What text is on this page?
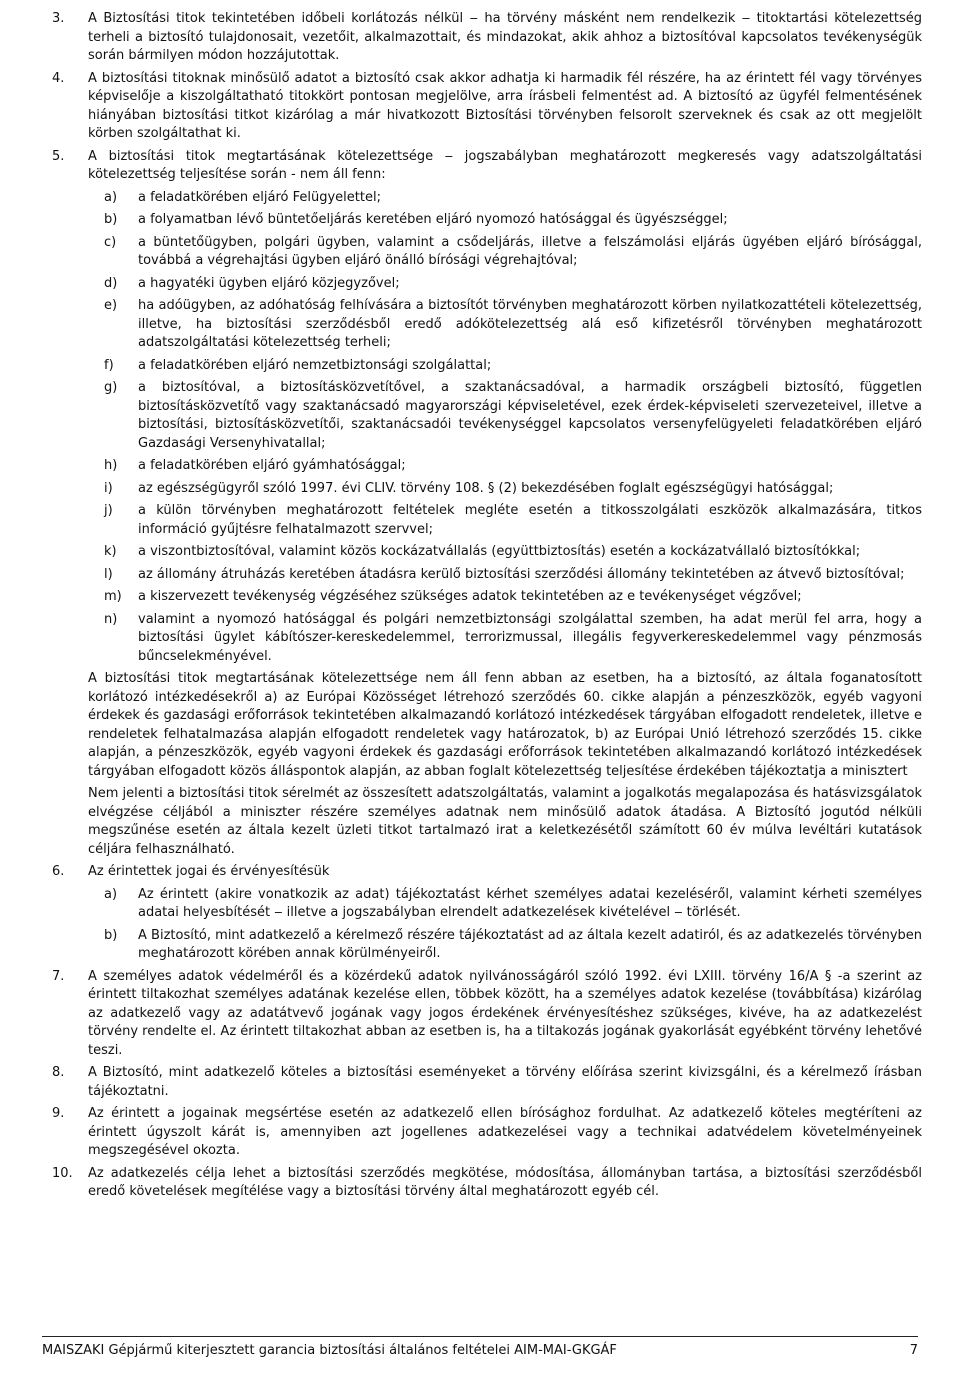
3. A Biztosítási titok tekintetében időbeli korlátozás nélkül ‒ ha törvény másként nem rendelkezik ‒ titoktartási kötelezettség terheli a biztosító tulajdonosait, vezetőit, alkalmazottait, és mindazokat, akik ahhoz a biztosítóval kapcsolatos tevékenységük során bármilyen módon hozzájutottak.
4. A biztosítási titoknak minősülő adatot a biztosító csak akkor adhatja ki harmadik fél részére, ha az érintett fél vagy törvényes képviselője a kiszolgáltatható titokkört pontosan megjelölve, arra írásbeli felmentést ad. A biztosító az ügyfél felmentésének hiányában biztosítási titkot kizárólag a már hivatkozott Biztosítási törvényben felsorolt szerveknek és csak az ott megjelölt körben szolgáltathat ki.
5. A biztosítási titok megtartásának kötelezettsége ‒ jogszabályban meghatározott megkeresés vagy adatszolgáltatási kötelezettség teljesítése során - nem áll fenn:
a) a feladatkörében eljáró Felügyelettel;
b) a folyamatban lévő büntetőeljárás keretében eljáró nyomozó hatósággal és ügyészséggel;
c) a büntetőügyben, polgári ügyben, valamint a csődeljárás, illetve a felszámolási eljárás ügyében eljáró bírósággal, továbbá a végrehajtási ügyben eljáró önálló bírósági végrehajtóval;
d) a hagyatéki ügyben eljáró közjegyzővel;
e) ha adóügyben, az adóhatóság felhívására a biztosítót törvényben meghatározott körben nyilatkozattételi kötelezettség, illetve, ha biztosítási szerződésből eredő adókötelezettség alá eső kifizetésről törvényben meghatározott adatszolgáltatási kötelezettség terheli;
f) a feladatkörében eljáró nemzetbiztonsági szolgálattal;
g) a biztosítóval, a biztosításközvetítővel, a szaktanácsadóval, a harmadik országbeli biztosító, független biztosításközvetítő vagy szaktanácsadó magyarországi képviseletével, ezek érdek-képviseleti szervezeteivel, illetve a biztosítási, biztosításközvetítői, szaktanácsadói tevékenységgel kapcsolatos versenyfelügyeleti feladatkörében eljáró Gazdasági Versenyhivatallal;
h) a feladatkörében eljáró gyámhatósággal;
i) az egészségügyről szóló 1997. évi CLIV. törvény 108. § (2) bekezdésében foglalt egészségügyi hatósággal;
j) a külön törvényben meghatározott feltételek megléte esetén a titkosszolgálati eszközök alkalmazására, titkos információ gyűjtésre felhatalmazott szervvel;
k) a viszontbiztosítóval, valamint közös kockázatvállalás (együttbiztosítás) esetén a kockázatvállaló biztosítókkal;
l) az állomány átruházás keretében átadásra kerülő biztosítási szerződési állomány tekintetében az átvevő biztosítóval;
m) a kiszervezett tevékenység végzéséhez szükséges adatok tekintetében az e tevékenységet végzővel;
n) valamint a nyomozó hatósággal és polgári nemzetbiztonsági szolgálattal szemben, ha adat merül fel arra, hogy a biztosítási ügylet kábítószer-kereskedelemmel, terrorizmussal, illegális fegyverkereskedelemmel vagy pénzmosás bűncselekményével.

A biztosítási titok megtartásának kötelezettsége nem áll fenn abban az esetben, ha a biztosító, az általa foganatosított korlátozó intézkedésekről a) az Európai Közösséget létrehozó szerződés 60. cikke alapján a pénzeszközök, egyéb vagyoni érdekek és gazdasági erőforrások tekintetében alkalmazandó korlátozó intézkedések tárgyában elfogadott rendeletek, illetve e rendeletek felhatalmazása alapján elfogadott rendeletek vagy határozatok, b) az Európai Unió létrehozó szerződés 15. cikke alapján, a pénzeszközök, egyéb vagyoni érdekek és gazdasági erőforrások tekintetében alkalmazandó korlátozó intézkedések tárgyában elfogadott közös álláspontok alapján, az abban foglalt kötelezettség teljesítése érdekében tájékoztatja a minisztert

Nem jelenti a biztosítási titok sérelmét az összesített adatszolgáltatás, valamint a jogalkotás megalapozása és hatásvizsgálatok elvégzése céljából a miniszter részére személyes adatnak nem minősülő adatok átadása. A Biztosító jogutód nélküli megszűnése esetén az általa kezelt üzleti titkot tartalmazó irat a keletkezésétől számított 60 év múlva levéltári kutatások céljára felhasználható.

6. Az érintettek jogai és érvényesítésük
a) Az érintett (akire vonatkozik az adat) tájékoztatást kérhet személyes adatai kezeléséről, valamint kérheti személyes adatai helyesbítését ‒ illetve a jogszabályban elrendelt adatkezelések kivételével ‒ törlését.
b) A Biztosító, mint adatkezelő a kérelmező részére tájékoztatást ad az általa kezelt adatiról, és az adatkezelés törvényben meghatározott körében annak körülményeiről.
7. A személyes adatok védelméről és a közérdekű adatok nyilvánosságáról szóló 1992. évi LXIII. törvény 16/A § -a szerint az érintett tiltakozhat személyes adatának kezelése ellen, többek között, ha a személyes adatok kezelése (továbbítása) kizárólag az adatkezelő vagy az adatátvevő jogának vagy jogos érdekének érvényesítéshez szükséges, kivéve, ha az adatkezelést törvény rendelte el. Az érintett tiltakozhat abban az esetben is, ha a tiltakozás jogának gyakorlását egyébként törvény lehetővé teszi.
8. A Biztosító, mint adatkezelő köteles a biztosítási eseményeket a törvény előírása szerint kivizsgálni, és a kérelmező írásban tájékoztatni.
9. Az érintett a jogainak megsértése esetén az adatkezelő ellen bírósághoz fordulhat. Az adatkezelő köteles megtéríteni az érintett úgyszolt kárát is, amennyiben azt jogellenes adatkezelései vagy a technikai adatvédelem követelményeinek megszegésével okozta.
10. Az adatkezelés célja lehet a biztosítási szerződés megkötése, módosítása, állományban tartása, a biztosítási szerződésből eredő követelések megítélése vagy a biztosítási törvény által meghatározott egyéb cél.
MAISZAKI Gépjármű kiterjesztett garancia biztosítási általános feltételei AIM-MAI-GKGÁF	7
